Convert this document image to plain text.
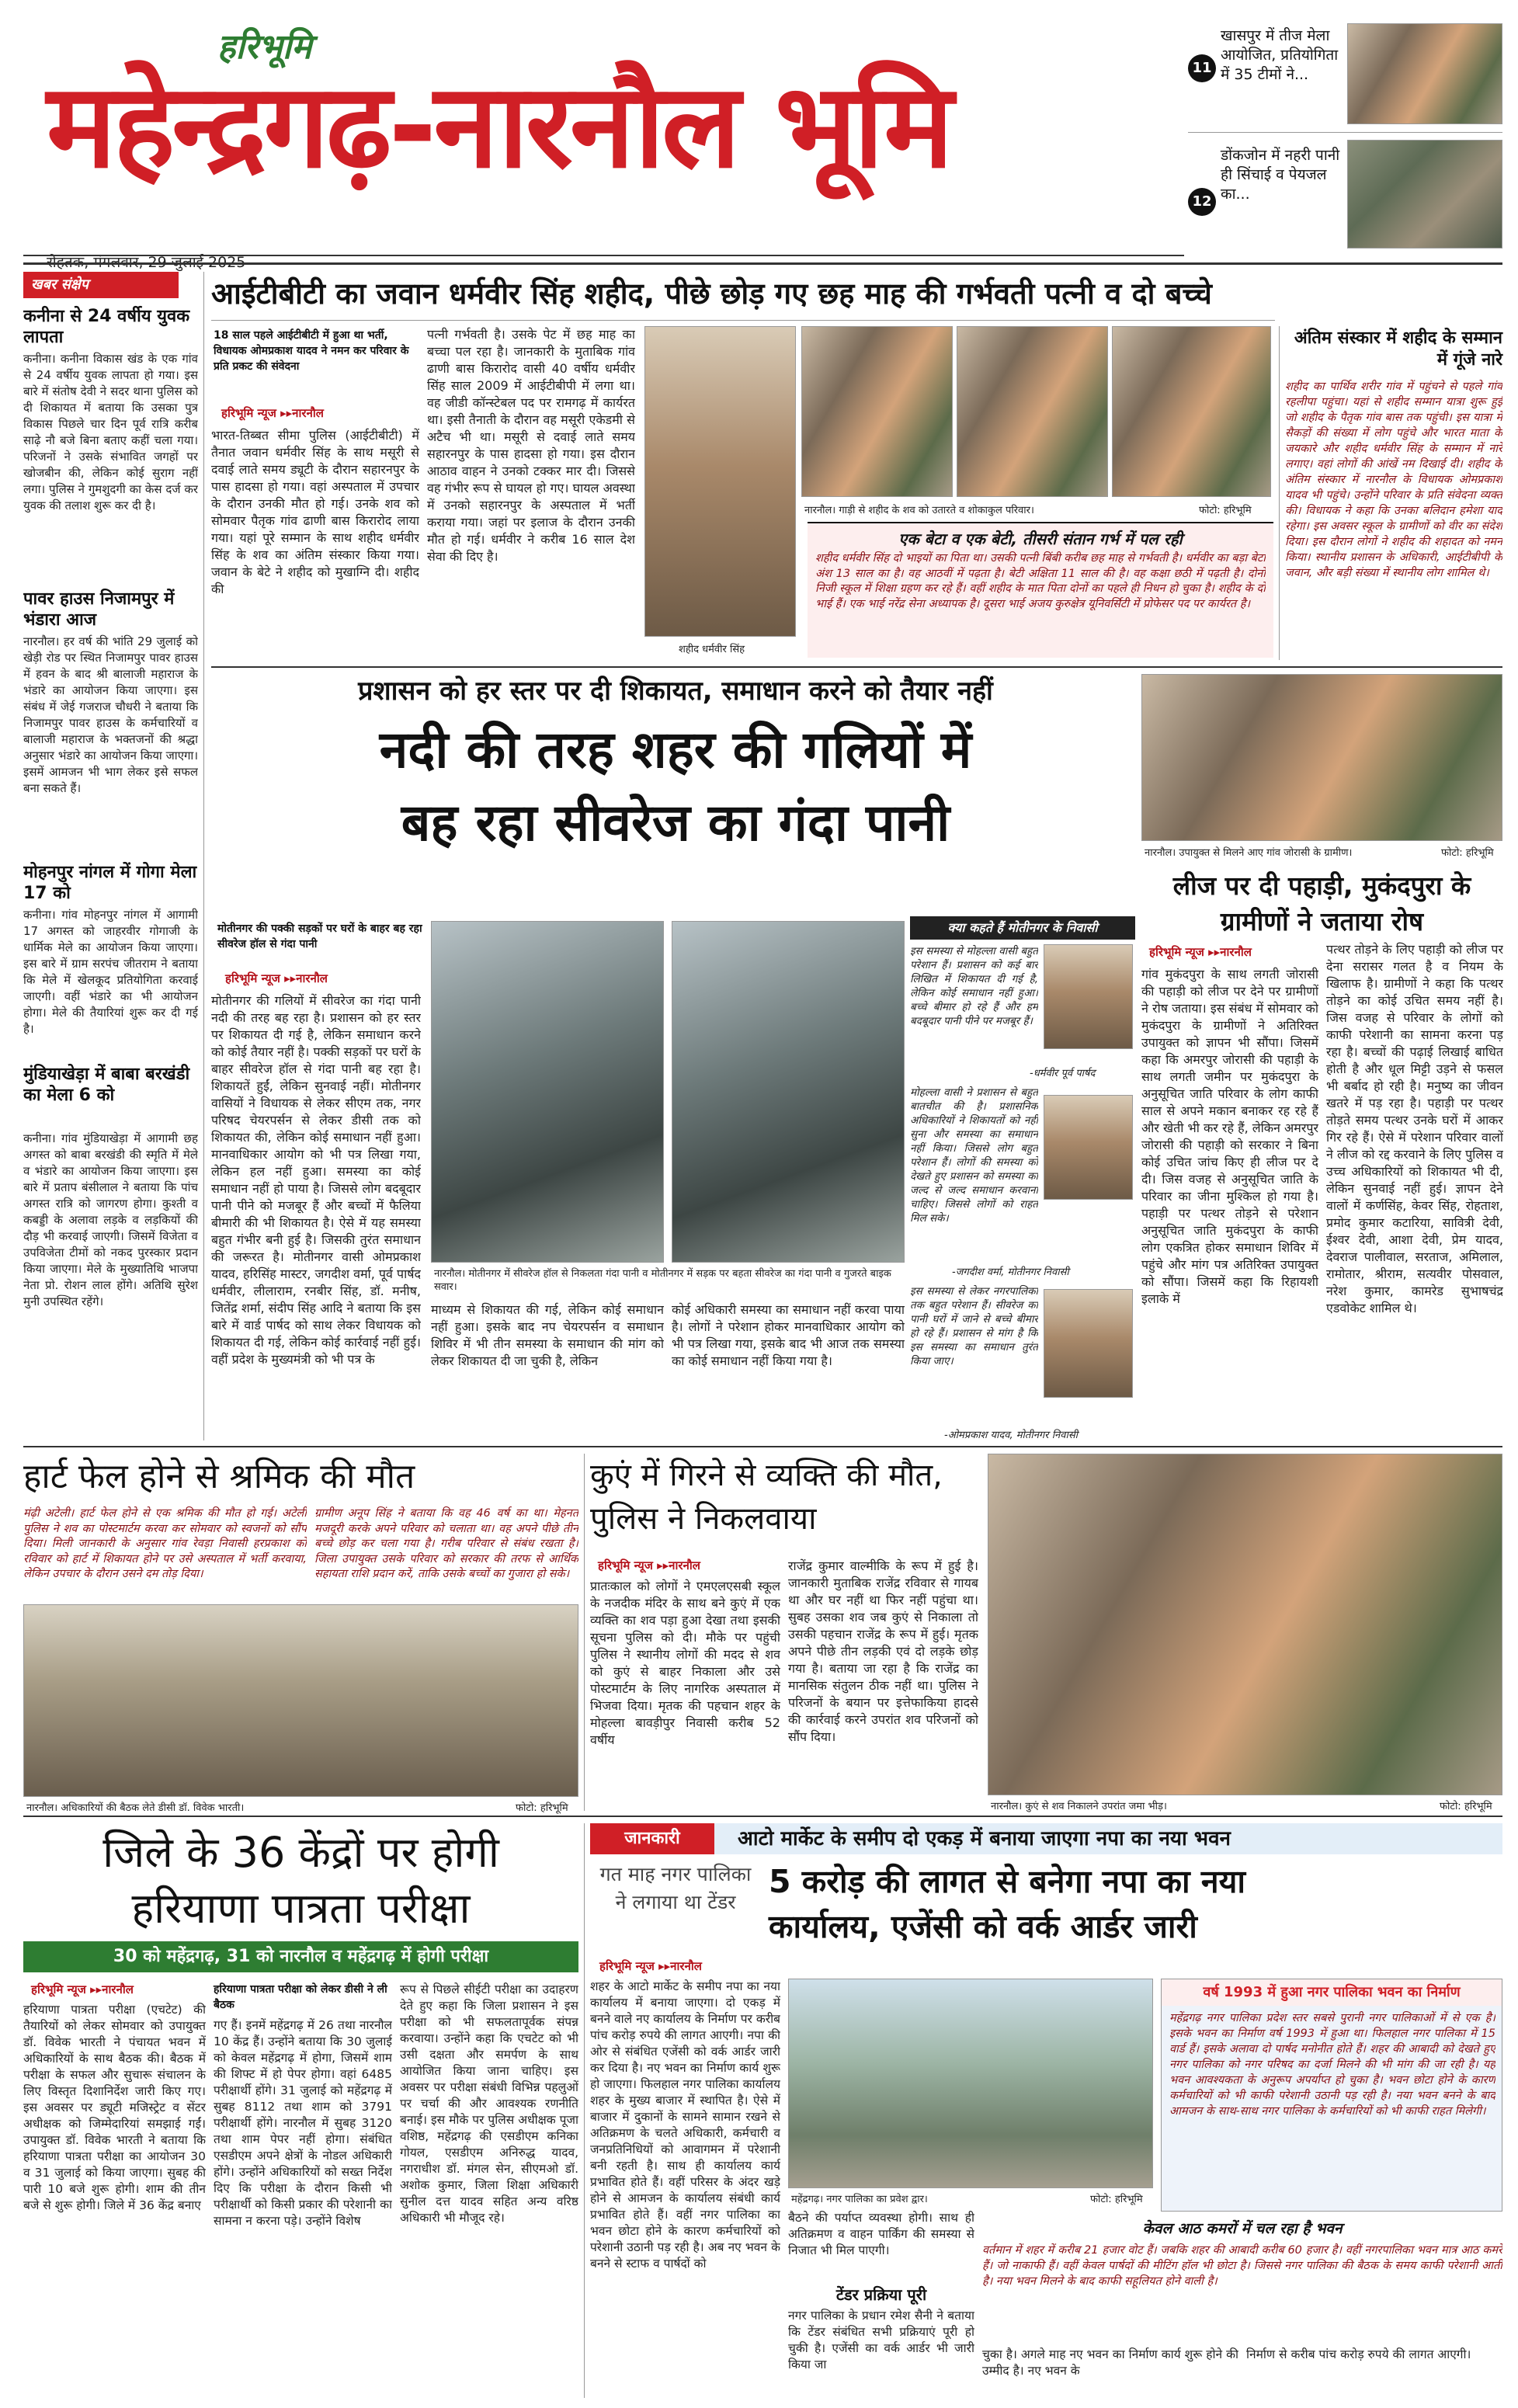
हरिभूमि
महेन्द्रगढ़-नारनौल भूमि	11
खासपुर में तीज मेला आयोजित, प्रतियोगिता में 35 टीमों ने...
12
डोंकजोन में नहरी पानी ही सिंचाई व पेयजल का...
खबर संक्षेप
कनीना से 24 वर्षीय युवक लापता
कनीना। कनीना विकास खंड के एक गांव से 24 वर्षीय युवक लापता हो गया। इस बारे में संतोष देवी ने सदर थाना पुलिस को दी शिकायत में बताया कि उसका पुत्र विकास पिछले चार दिन पूर्व रात्रि करीब साढ़े नौ बजे बिना बताए कहीं चला गया। परिजनों ने उसके संभावित जगहों पर खोजबीन की, लेकिन कोई सुराग नहीं लगा। पुलिस ने गुमशुदगी का केस दर्ज कर युवक की तलाश शुरू कर दी है।
पावर हाउस निजामपुर में भंडारा आज
नारनौल। हर वर्ष की भांति 29 जुलाई को खेड़ी रोड पर स्थित निजामपुर पावर हाउस में हवन के बाद श्री बालाजी महाराज के भंडारे का आयोजन किया जाएगा। इस संबंध में जेई गजराज चौधरी ने बताया कि निजामपुर पावर हाउस के कर्मचारियों व बालाजी महाराज के भक्तजनों की श्रद्धा अनुसार भंडारे का आयोजन किया जाएगा। इसमें आमजन भी भाग लेकर इसे सफल बना सकते हैं।
मोहनपुर नांगल में गोगा मेला 17 को
कनीना। गांव मोहनपुर नांगल में आगामी 17 अगस्त को जाहरवीर गोगाजी के धार्मिक मेले का आयोजन किया जाएगा। इस बारे में ग्राम सरपंच जीतराम ने बताया कि मेले में खेलकूद प्रतियोगिता करवाई जाएगी। वहीं भंडारे का भी आयोजन होगा। मेले की तैयारियां शुरू कर दी गई है।
मुंडियाखेड़ा में बाबा बरखंडी का मेला 6 को
कनीना। गांव मुंडियाखेड़ा में आगामी छह अगस्त को बाबा बरखंडी की स्मृति में मेले व भंडारे का आयोजन किया जाएगा। इस बारे में प्रताप बंसीलाल ने बताया कि पांच अगस्त रात्रि को जागरण होगा। कुश्ती व कबड्डी के अलावा लड़के व लड़कियों की दौड़ भी करवाई जाएगी। जिसमें विजेता व उपविजेता टीमों को नकद पुरस्कार प्रदान किया जाएगा। मेले के मुख्यातिथि भाजपा नेता प्रो. रोशन लाल होंगे। अतिथि सुरेश मुनी उपस्थित रहेंगे।
आईटीबीटी का जवान धर्मवीर सिंह शहीद, पीछे छोड़ गए छह माह की गर्भवती पत्नी व दो बच्चे
18 साल पहले आईटीबीटी में हुआ था भर्ती, विधायक ओमप्रकाश यादव ने नमन कर परिवार के प्रति प्रकट की संवेदना
हरिभूमि न्यूज ▸▸नारनौल
भारत-तिब्बत सीमा पुलिस (आईटीबीटी) में तैनात जवान धर्मवीर सिंह के साथ मसूरी से दवाई लाते समय ड्यूटी के दौरान सहारनपुर के पास हादसा हो गया। वहां अस्पताल में उपचार के दौरान उनकी मौत हो गई। उनके शव को सोमवार पैतृक गांव ढाणी बास किरारोद लाया गया। यहां पूरे सम्मान के साथ शहीद धर्मवीर सिंह के शव का अंतिम संस्कार किया गया। जवान के बेटे ने शहीद को मुखाग्नि दी। शहीद की
पत्नी गर्भवती है। उसके पेट में छह माह का बच्चा पल रहा है। जानकारी के मुताबिक गांव ढाणी बास किरारोद वासी 40 वर्षीय धर्मवीर सिंह साल 2009 में आईटीबीपी में लगा था। वह जीडी कॉन्स्टेबल पद पर रामगढ़ में कार्यरत था। इसी तैनाती के दौरान वह मसूरी एकेडमी से अटैच भी था। मसूरी से दवाई लाते समय सहारनपुर के पास हादसा हो गया। इस दौरान आठाव वाहन ने उनको टक्कर मार दी। जिससे वह गंभीर रूप से घायल हो गए। घायल अवस्था में उनको सहारनपुर के अस्पताल में भर्ती कराया गया। जहां पर इलाज के दौरान उनकी मौत हो गई। धर्मवीर ने करीब 16 साल देश सेवा की दिए है।
शहीद धर्मवीर सिंह
नारनौल। गाड़ी से शहीद के शव को उतारते व शोकाकुल परिवार।	फोटो: हरिभूमि
एक बेटा व एक बेटी, तीसरी संतान गर्भ में पल रही
शहीद धर्मवीर सिंह दो भाइयों का पिता था। उसकी पत्नी बिंबी करीब छह माह से गर्भवती है। धर्मवीर का बड़ा बेटा अंश 13 साल का है। वह आठवीं में पढ़ता है। बेटी अक्षिता 11 साल की है। वह कक्षा छठी में पढ़ती है। दोनों निजी स्कूल में शिक्षा ग्रहण कर रहे हैं। वहीं शहीद के मात पिता दोनों का पहले ही निधन हो चुका है। शहीद के दो भाई हैं। एक भाई नरेंद्र सेना अध्यापक है। दूसरा भाई अजय कुरुक्षेत्र यूनिवर्सिटी में प्रोफेसर पद पर कार्यरत है।
अंतिम संस्कार में शहीद के सम्मान में गूंजे नारे
शहीद का पार्थिव शरीर गांव में पहुंचने से पहले गांव रहलीपा पहुंचा। यहां से शहीद सम्मान यात्रा शुरू हुई जो शहीद के पैतृक गांव बास तक पहुंची। इस यात्रा में सैकड़ों की संख्या में लोग पहुंचे और भारत माता के जयकारे और शहीद धर्मवीर सिंह के सम्मान में नारे लगाए। वहां लोगों की आंखें नम दिखाई दी। शहीद के अंतिम संस्कार में नारनौल के विधायक ओमप्रकाश यादव भी पहुंचे। उन्होंने परिवार के प्रति संवेदना व्यक्त की। विधायक ने कहा कि उनका बलिदान हमेशा याद रहेगा। इस अवसर स्कूल के ग्रामीणों को वीर का संदेश दिया। इस दौरान लोगों ने शहीद की शहादत को नमन किया। स्थानीय प्रशासन के अधिकारी, आईटीबीपी के जवान, और बड़ी संख्या में स्थानीय लोग शामिल थे।
प्रशासन को हर स्तर पर दी शिकायत, समाधान करने को तैयार नहीं
नदी की तरह शहर की गलियों में
बह रहा सीवरेज का गंदा पानी
मोतीनगर की पक्की सड़कों पर घरों के बाहर बह रहा सीवरेज हॉल से गंदा पानी
हरिभूमि न्यूज ▸▸नारनौल
मोतीनगर की गलियों में सीवरेज का गंदा पानी नदी की तरह बह रहा है। प्रशासन को हर स्तर पर शिकायत दी गई है, लेकिन समाधान करने को कोई तैयार नहीं है। पक्की सड़कों पर घरों के बाहर सीवरेज हॉल से गंदा पानी बह रहा है। शिकायतें हुईं, लेकिन सुनवाई नहीं। मोतीनगर वासियों ने विधायक से लेकर सीएम तक, नगर परिषद चेयरपर्सन से लेकर डीसी तक को शिकायत की, लेकिन कोई समाधान नहीं हुआ। मानवाधिकार आयोग को भी पत्र लिखा गया, लेकिन हल नहीं हुआ। समस्या का कोई समाधान नहीं हो पाया है। जिससे लोग बदबूदार पानी पीने को मजबूर हैं और बच्चों में फैलिया बीमारी की भी शिकायत है। ऐसे में यह समस्या बहुत गंभीर बनी हुई है। जिसकी तुरंत समाधान की जरूरत है। मोतीनगर वासी ओमप्रकाश यादव, हरिसिंह मास्टर, जगदीश वर्मा, पूर्व पार्षद धर्मवीर, लीलाराम, रनबीर सिंह, डॉ. मनीष, जितेंद्र शर्मा, संदीप सिंह आदि ने बताया कि इस बारे में वार्ड पार्षद को साथ लेकर विधायक को शिकायत दी गई, लेकिन कोई कार्रवाई नहीं हुई। वहीं प्रदेश के मुख्यमंत्री को भी पत्र के
नारनौल। मोतीनगर में सीवरेज हॉल से निकलता गंदा पानी व मोतीनगर में सड़क पर बहता सीवरेज का गंदा पानी व गुजरते बाइक सवार।
माध्यम से शिकायत की गई, लेकिन कोई समाधान नहीं हुआ। इसके बाद नप चेयरपर्सन व समाधान शिविर में भी तीन समस्या के समाधान की मांग को लेकर शिकायत दी जा चुकी है, लेकिन
कोई अधिकारी समस्या का समाधान नहीं करवा पाया है। लोगों ने परेशान होकर मानवाधिकार आयोग को भी पत्र लिखा गया, इसके बाद भी आज तक समस्या का कोई समाधान नहीं किया गया है।
क्या कहते हैं मोतीनगर के निवासी
इस समस्या से मोहल्ला वासी बहुत परेशान हैं। प्रशासन को कई बार लिखित में शिकायत दी गई है, लेकिन कोई समाधान नहीं हुआ। बच्चे बीमार हो रहे हैं और हम बदबूदार पानी पीने पर मजबूर हैं।
-धर्मवीर पूर्व पार्षद
मोहल्ला वासी ने प्रशासन से बहुत बातचीत की है। प्रशासनिक अधिकारियों ने शिकायतों को नहीं सुना और समस्या का समाधान नहीं किया। जिससे लोग बहुत परेशान हैं। लोगों की समस्या को देखते हुए प्रशासन को समस्या का जल्द से जल्द समाधान करवाना चाहिए। जिससे लोगों को राहत मिल सके।
-जगदीश वर्मा, मोतीनगर निवासी
इस समस्या से लेकर नगरपालिका तक बहुत परेशान हैं। सीवरेज का पानी घरों में जाने से बच्चे बीमार हो रहे हैं। प्रशासन से मांग है कि इस समस्या का समाधान तुरंत किया जाए।
-ओमप्रकाश यादव, मोतीनगर निवासी
नारनौल। उपायुक्त से मिलने आए गांव जोरासी के ग्रामीण।	फोटो: हरिभूमि
लीज पर दी पहाड़ी, मुकंदपुरा के ग्रामीणों ने जताया रोष
हरिभूमि न्यूज ▸▸नारनौल
गांव मुकंदपुरा के साथ लगती जोरासी की पहाड़ी को लीज पर देने पर ग्रामीणों ने रोष जताया। इस संबंध में सोमवार को मुकंदपुरा के ग्रामीणों ने अतिरिक्त उपायुक्त को ज्ञापन भी सौंपा। जिसमें कहा कि अमरपुर जोरासी की पहाड़ी के साथ लगती जमीन पर मुकंदपुरा के अनुसूचित जाति परिवार के लोग काफी साल से अपने मकान बनाकर रह रहे हैं और खेती भी कर रहे हैं, लेकिन अमरपुर जोरासी की पहाड़ी को सरकार ने बिना कोई उचित जांच किए ही लीज पर दे दी। जिस वजह से अनुसूचित जाति के परिवार का जीना मुश्किल हो गया है। पहाड़ी पर पत्थर तोड़ने से परेशान अनुसूचित जाति मुकंदपुरा के काफी लोग एकत्रित होकर समाधान शिविर में पहुंचे और मांग पत्र अतिरिक्त उपायुक्त को सौंपा। जिसमें कहा कि रिहायशी इलाके में
पत्थर तोड़ने के लिए पहाड़ी को लीज पर देना सरासर गलत है व नियम के खिलाफ है। ग्रामीणों ने कहा कि पत्थर तोड़ने का कोई उचित समय नहीं है। जिस वजह से परिवार के लोगों को काफी परेशानी का सामना करना पड़ रहा है। बच्चों की पढ़ाई लिखाई बाधित होती है और धूल मिट्टी उड़ने से फसल भी बर्बाद हो रही है। मनुष्य का जीवन खतरे में पड़ रहा है। पहाड़ी पर पत्थर तोड़ते समय पत्थर उनके घरों में आकर गिर रहे हैं। ऐसे में परेशान परिवार वालों ने लीज को रद्द करवाने के लिए पुलिस व उच्च अधिकारियों को शिकायत भी दी, लेकिन सुनवाई नहीं हुई। ज्ञापन देने वालों में कर्णसिंह, केवर सिंह, रोहताश, प्रमोद कुमार कटारिया, सावित्री देवी, ईश्वर देवी, आशा देवी, प्रेम यादव, देवराज पालीवाल, सरताज, अमिलाल, रामोतार, श्रीराम, सत्यवीर पोसवाल, नरेश कुमार, कामरेड सुभाषचंद्र एडवोकेट शामिल थे।
हार्ट फेल होने से श्रमिक की मौत
मंढ़ी अटेली। हार्ट फेल होने से एक श्रमिक की मौत हो गई। अटेली पुलिस ने शव का पोस्टमार्टम करवा कर सोमवार को स्वजनों को सौंप दिया। मिली जानकारी के अनुसार गांव रेवड़ा निवासी हरप्रकाश को रविवार को हार्ट में शिकायत होने पर उसे अस्पताल में भर्ती करवाया, लेकिन उपचार के दौरान उसने दम तोड़ दिया।
ग्रामीण अनूप सिंह ने बताया कि वह 46 वर्ष का था। मेहनत मजदूरी करके अपने परिवार को चलाता था। वह अपने पीछे तीन बच्चे छोड़ कर चला गया है। गरीब परिवार से संबंध रखता है। जिला उपायुक्त उसके परिवार को सरकार की तरफ से आर्थिक सहायता राशि प्रदान करें, ताकि उसके बच्चों का गुजारा हो सके।
नारनौल। अधिकारियों की बैठक लेते डीसी डॉ. विवेक भारती।	फोटो: हरिभूमि
कुएं में गिरने से व्यक्ति की मौत, पुलिस ने निकलवाया
हरिभूमि न्यूज ▸▸नारनौल
प्रातःकाल को लोगों ने एमएलएसबी स्कूल के नजदीक मंदिर के साथ बने कुएं में एक व्यक्ति का शव पड़ा हुआ देखा तथा इसकी सूचना पुलिस को दी। मौके पर पहुंची पुलिस ने स्थानीय लोगों की मदद से शव को कुएं से बाहर निकाला और उसे पोस्टमार्टम के लिए नागरिक अस्पताल में भिजवा दिया। मृतक की पहचान शहर के मोहल्ला बावड़ीपुर निवासी करीब 52 वर्षीय
राजेंद्र कुमार वाल्मीकि के रूप में हुई है। जानकारी मुताबिक राजेंद्र रविवार से गायब था और घर नहीं था फिर नहीं पहुंचा था। सुबह उसका शव जब कुएं से निकाला तो उसकी पहचान राजेंद्र के रूप में हुई। मृतक अपने पीछे तीन लड़की एवं दो लड़के छोड़ गया है। बताया जा रहा है कि राजेंद्र का मानसिक संतुलन ठीक नहीं था। पुलिस ने परिजनों के बयान पर इत्तेफाकिया हादसे की कार्रवाई करने उपरांत शव परिजनों को सौंप दिया।
नारनौल। कुएं से शव निकालने उपरांत जमा भीड़।	फोटो: हरिभूमि
जिले के 36 केंद्रों पर होगी
हरियाणा पात्रता परीक्षा
30 को महेंद्रगढ़, 31 को नारनौल व महेंद्रगढ़ में होगी परीक्षा
हरिभूमि न्यूज ▸▸नारनौल
हरियाणा पात्रता परीक्षा (एचटेट) की तैयारियों को लेकर सोमवार को उपायुक्त डॉ. विवेक भारती ने पंचायत भवन में अधिकारियों के साथ बैठक की। बैठक में परीक्षा के सफल और सुचारू संचालन के लिए विस्तृत दिशानिर्देश जारी किए गए। इस अवसर पर ड्यूटी मजिस्ट्रेट व सेंटर अधीक्षक को जिम्मेदारियां समझाई गईं। उपायुक्त डॉ. विवेक भारती ने बताया कि हरियाणा पात्रता परीक्षा का आयोजन 30 व 31 जुलाई को किया जाएगा। सुबह की पारी 10 बजे शुरू होगी। शाम की तीन बजे से शुरू होगी। जिले में 36 केंद्र बनाए
हरियाणा पात्रता परीक्षा को लेकर डीसी ने ली बैठक
गए हैं। इनमें महेंद्रगढ़ में 26 तथा नारनौल 10 केंद्र हैं। उन्होंने बताया कि 30 जुलाई को केवल महेंद्रगढ़ में होगा, जिसमें शाम की शिफ्ट में हो पेपर होगा। वहां 6485 परीक्षार्थी होंगे। 31 जुलाई को महेंद्रगढ़ में सुबह 8112 तथा शाम को 3791 परीक्षार्थी होंगे। नारनौल में सुबह 3120 तथा शाम पेपर नहीं होगा। संबंधित एसडीएम अपने क्षेत्रों के नोडल अधिकारी होंगे। उन्होंने अधिकारियों को सख्त निर्देश दिए कि परीक्षा के दौरान किसी भी परीक्षार्थी को किसी प्रकार की परेशानी का सामना न करना पड़े। उन्होंने विशेष
रूप से पिछले सीईटी परीक्षा का उदाहरण देते हुए कहा कि जिला प्रशासन ने इस परीक्षा को भी सफलतापूर्वक संपन्न करवाया। उन्होंने कहा कि एचटेट को भी उसी दक्षता और समर्पण के साथ आयोजित किया जाना चाहिए। इस अवसर पर परीक्षा संबंधी विभिन्न पहलुओं पर चर्चा की और आवश्यक रणनीति बनाई। इस मौके पर पुलिस अधीक्षक पूजा वशिष्ठ, महेंद्रगढ़ की एसडीएम कनिका गोयल, एसडीएम अनिरुद्ध यादव, नगराधीश डॉ. मंगल सेन, सीएमओ डॉ. अशोक कुमार, जिला शिक्षा अधिकारी सुनील दत्त यादव सहित अन्य वरिष्ठ अधिकारी भी मौजूद रहे।
जानकारी	आटो मार्केट के समीप दो एकड़ में बनाया जाएगा नपा का नया भवन
गत माह नगर पालिका ने लगाया था टेंडर
5 करोड़ की लागत से बनेगा नपा का नया
कार्यालय, एजेंसी को वर्क आर्डर जारी
हरिभूमि न्यूज ▸▸नारनौल
शहर के आटो मार्केट के समीप नपा का नया कार्यालय में बनाया जाएगा। दो एकड़ में बनने वाले नए कार्यालय के निर्माण पर करीब पांच करोड़ रुपये की लागत आएगी। नपा की ओर से संबंधित एजेंसी को वर्क आर्डर जारी कर दिया है। नए भवन का निर्माण कार्य शुरू हो जाएगा। फिलहाल नगर पालिका कार्यालय शहर के मुख्य बाजार में स्थापित है। ऐसे में बाजार में दुकानों के सामने सामान रखने से अतिक्रमण के चलते अधिकारी, कर्मचारी व जनप्रतिनिधियों को आवागमन में परेशानी बनी रहती है। साथ ही कार्यालय कार्य प्रभावित होते हैं। वहीं परिसर के अंदर खड़े होने से आमजन के कार्यालय संबंधी कार्य प्रभावित होते हैं। वहीं नगर पालिका का भवन छोटा होने के कारण कर्मचारियों को परेशानी उठानी पड़ रही है। अब नए भवन के बनने से स्टाफ व पार्षदों को
महेंद्रगढ़। नगर पालिका का प्रवेश द्वार।	फोटो: हरिभूमि
बैठने की पर्याप्त व्यवस्था होगी। साथ ही अतिक्रमण व वाहन पार्किंग की समस्या से निजात भी मिल पाएगी।
टेंडर प्रक्रिया पूरी
नगर पालिका के प्रधान रमेश सैनी ने बताया कि टेंडर संबंधित सभी प्रक्रियाएं पूरी हो चुकी है। एजेंसी का वर्क आर्डर भी जारी किया जा
वर्ष 1993 में हुआ नगर पालिका भवन का निर्माण
महेंद्रगढ़ नगर पालिका प्रदेश स्तर सबसे पुरानी नगर पालिकाओं में से एक है। इसके भवन का निर्माण वर्ष 1993 में हुआ था। फिलहाल नगर पालिका में 15 वार्ड हैं। इसके अलावा दो पार्षद मनोनीत होते हैं। शहर की आबादी को देखते हुए नगर पालिका को नगर परिषद का दर्जा मिलने की भी मांग की जा रही है। यह भवन आवश्यकता के अनुरूप अपर्याप्त हो चुका है। भवन छोटा होने के कारण कर्मचारियों को भी काफी परेशानी उठानी पड़ रही है। नया भवन बनने के बाद आमजन के साथ-साथ नगर पालिका के कर्मचारियों को भी काफी राहत मिलेगी।
केवल आठ कमरों में चल रहा है भवन
वर्तमान में शहर में करीब 21 हजार वोट हैं। जबकि शहर की आबादी करीब 60 हजार है। वहीं नगरपालिका भवन मात्र आठ कमरे हैं। जो नाकाफी हैं। वहीं केवल पार्षदों की मीटिंग हॉल भी छोटा है। जिससे नगर पालिका की बैठक के समय काफी परेशानी आती है। नया भवन मिलने के बाद काफी सहूलियत होने वाली है।
चुका है। अगले माह नए भवन का निर्माण कार्य शुरू होने की उम्मीद है। नए भवन के
निर्माण से करीब पांच करोड़ रुपये की लागत आएगी।
